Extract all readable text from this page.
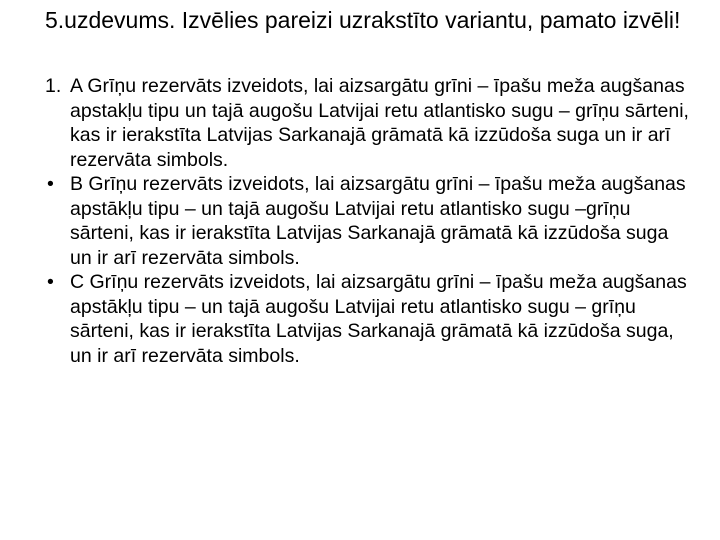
5.uzdevums. Izvēlies pareizi uzrakstīto variantu, pamato izvēli!
1. A Grīņu rezervāts izveidots, lai aizsargātu grīni – īpašu meža augšanas apstakļu tipu un tajā augošu Latvijai retu atlantisko sugu – grīņu sārteni, kas ir ierakstīta Latvijas Sarkanajā grāmatā kā izzūdoša suga un ir arī rezervāta simbols.
• B Grīņu rezervāts izveidots, lai aizsargātu grīni – īpašu meža augšanas apstākļu tipu – un tajā augošu Latvijai retu atlantisko sugu –grīņu sārteni, kas ir ierakstīta Latvijas Sarkanajā grāmatā kā izzūdoša suga un ir arī rezervāta simbols.
• C Grīņu rezervāts izveidots, lai aizsargātu grīni – īpašu meža augšanas apstākļu tipu – un tajā augošu Latvijai retu atlantisko sugu – grīņu sārteni, kas ir ierakstīta Latvijas Sarkanajā grāmatā kā izzūdoša suga, un ir arī rezervāta simbols.
